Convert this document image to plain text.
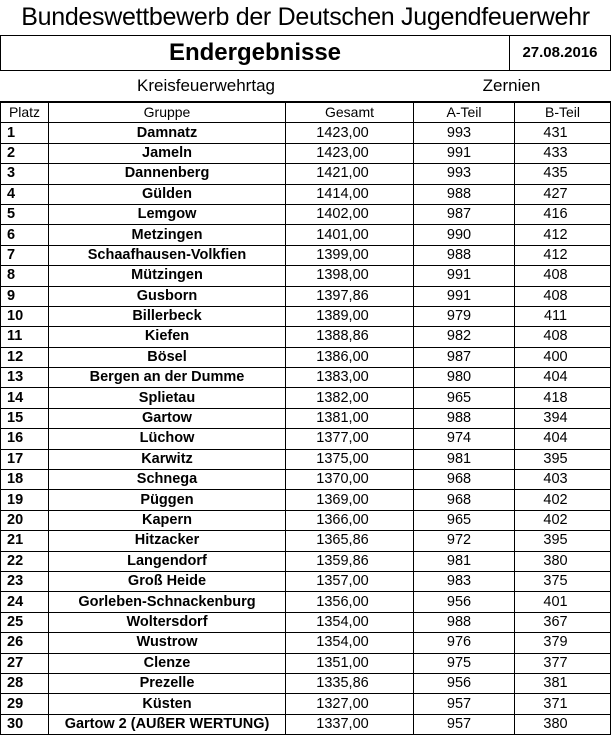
Bundeswettbewerb der Deutschen Jugendfeuerwehr
Endergebnisse	27.08.2016
Kreisfeuerwehrtag	Zernien
Platz	Gruppe	Gesamt	A-Teil	B-Teil
1	Damnatz	1423,00	993	431
2	Jameln	1423,00	991	433
3	Dannenberg	1421,00	993	435
4	Gülden	1414,00	988	427
5	Lemgow	1402,00	987	416
6	Metzingen	1401,00	990	412
7	Schaafhausen-Volkfien	1399,00	988	412
8	Mützingen	1398,00	991	408
9	Gusborn	1397,86	991	408
10	Billerbeck	1389,00	979	411
11	Kiefen	1388,86	982	408
12	Bösel	1386,00	987	400
13	Bergen an der Dumme	1383,00	980	404
14	Splietau	1382,00	965	418
15	Gartow	1381,00	988	394
16	Lüchow	1377,00	974	404
17	Karwitz	1375,00	981	395
18	Schnega	1370,00	968	403
19	Püggen	1369,00	968	402
20	Kapern	1366,00	965	402
21	Hitzacker	1365,86	972	395
22	Langendorf	1359,86	981	380
23	Groß Heide	1357,00	983	375
24	Gorleben-Schnackenburg	1356,00	956	401
25	Woltersdorf	1354,00	988	367
26	Wustrow	1354,00	976	379
27	Clenze	1351,00	975	377
28	Prezelle	1335,86	956	381
29	Küsten	1327,00	957	371
30	Gartow 2 (AUßER WERTUNG)	1337,00	957	380
